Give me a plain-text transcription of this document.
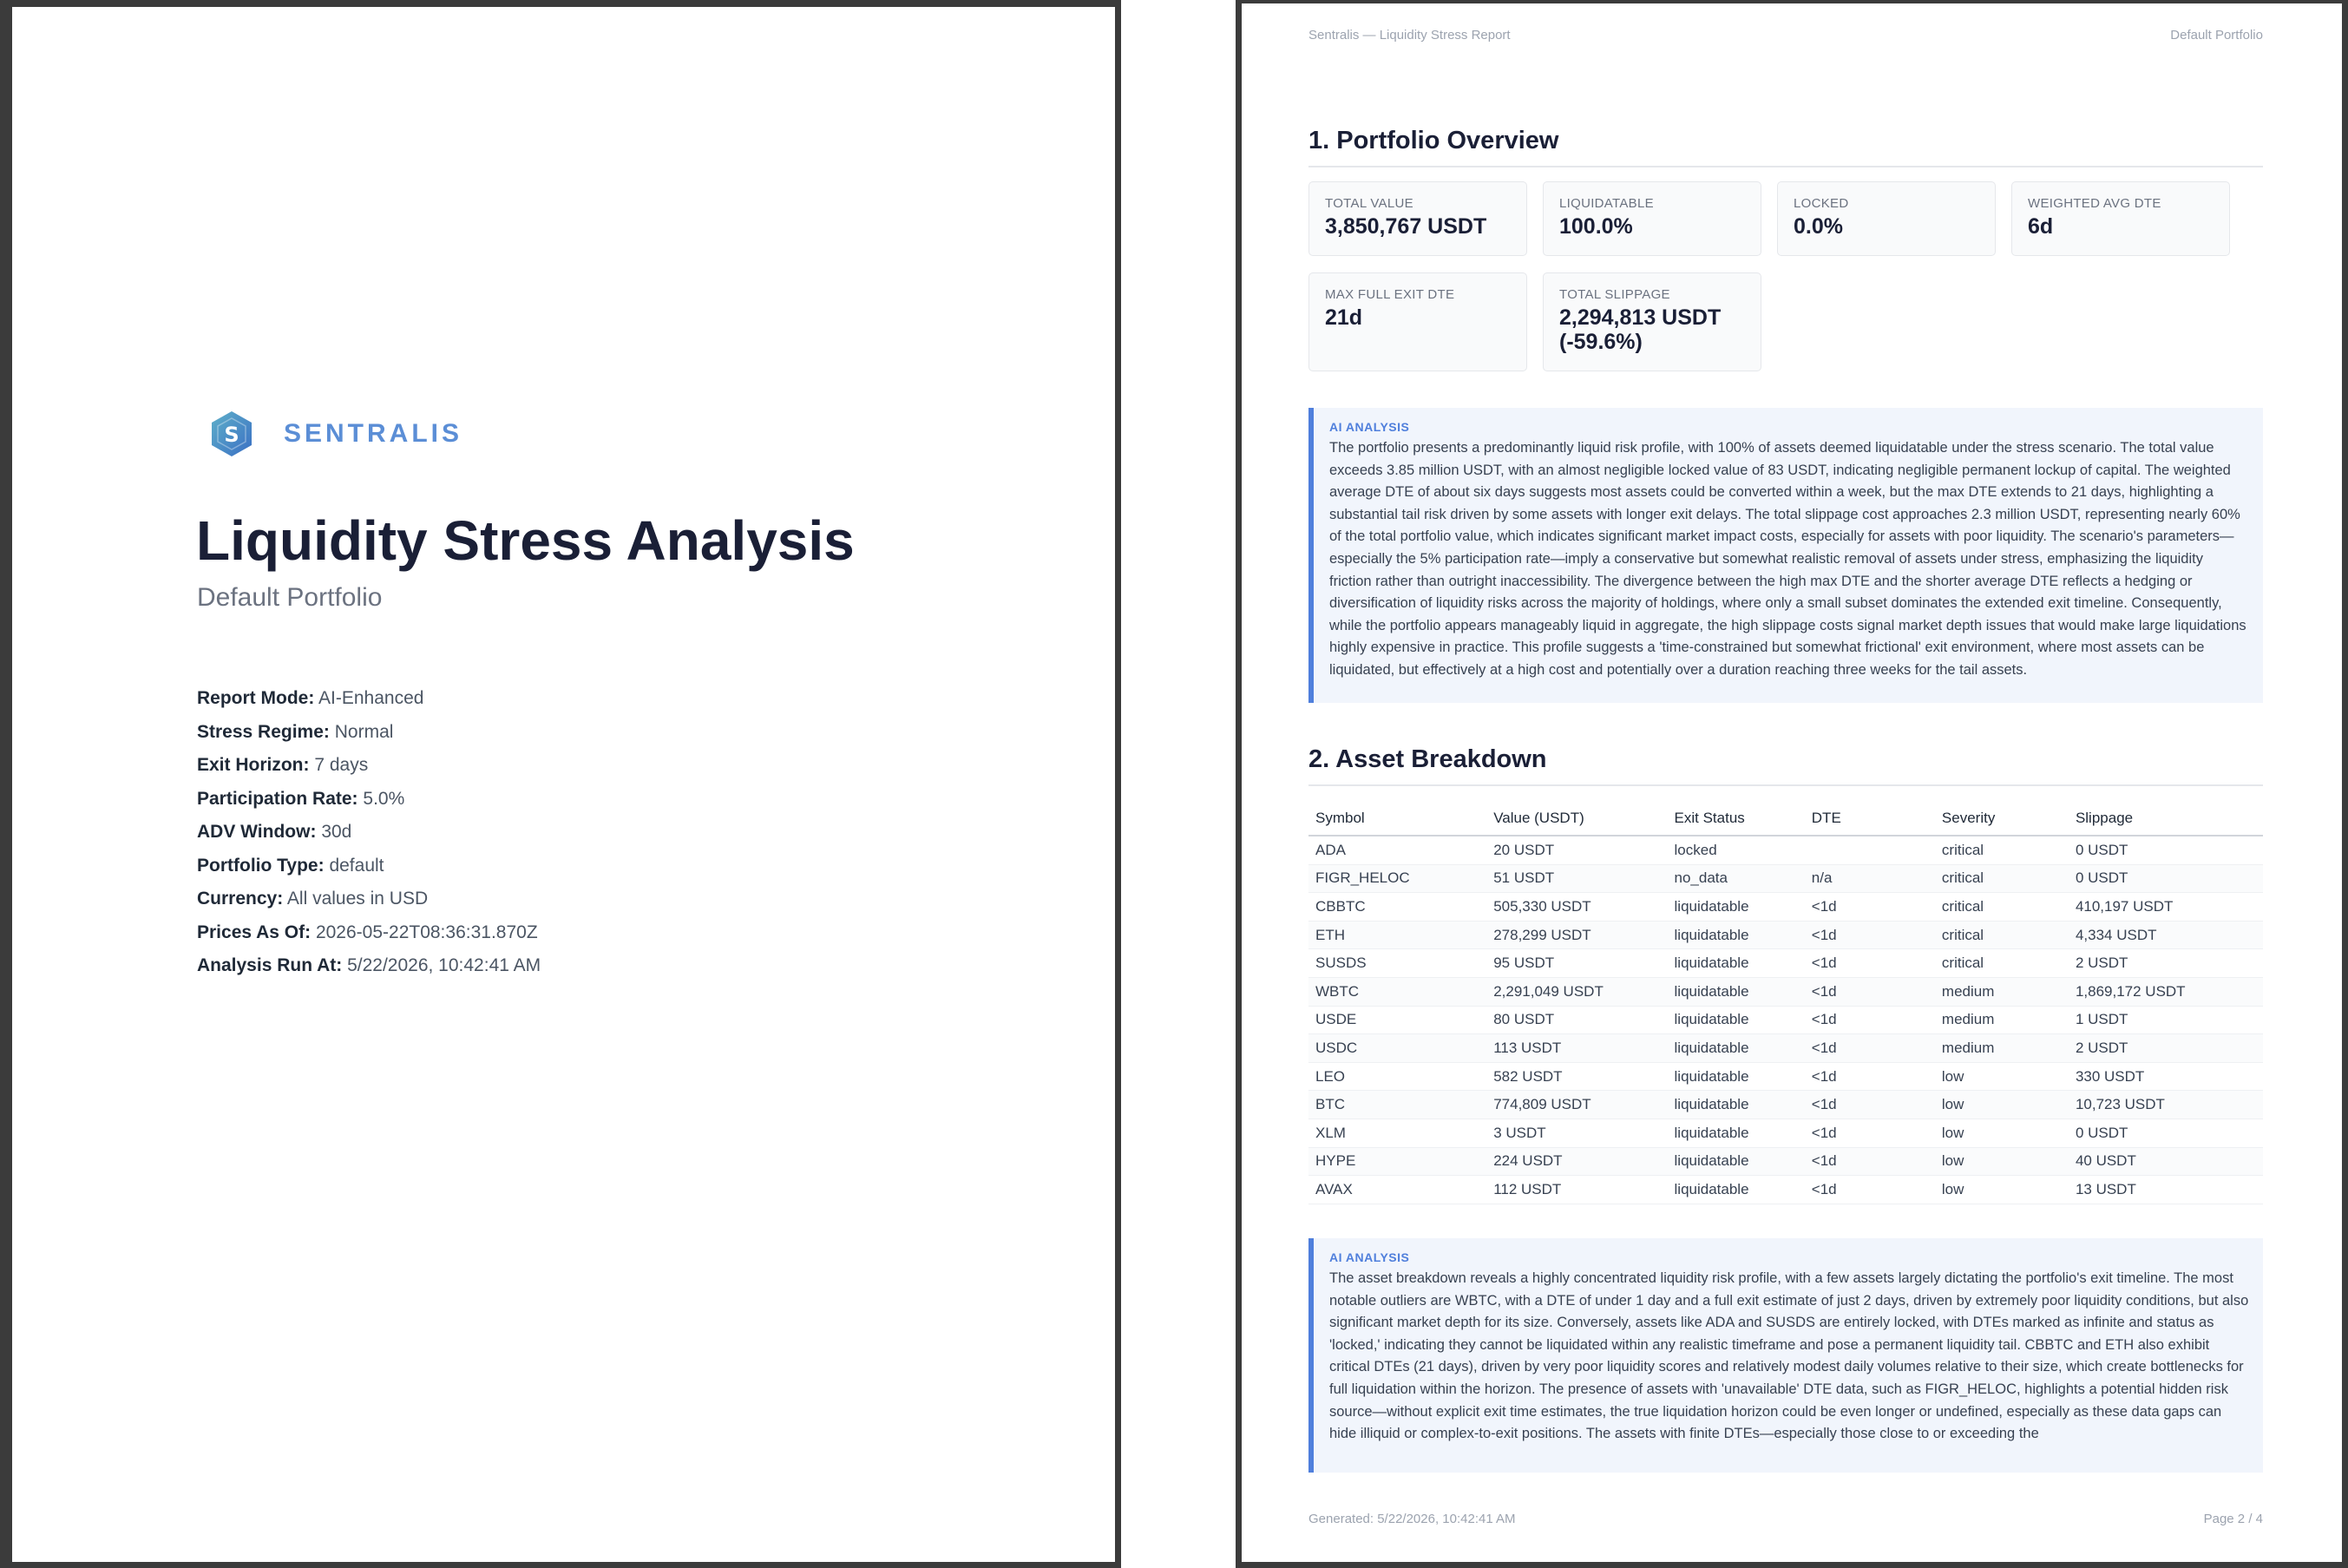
S SENTRALIS
Liquidity Stress Analysis
Default Portfolio
Report Mode: AI-Enhanced
Stress Regime: Normal
Exit Horizon: 7 days
Participation Rate: 5.0%
ADV Window: 30d
Portfolio Type: default
Currency: All values in USD
Prices As Of: 2026-05-22T08:36:31.870Z
Analysis Run At: 5/22/2026, 10:42:41 AM
Sentralis — Liquidity Stress Report	Default Portfolio
1. Portfolio Overview
TOTAL VALUE
3,850,767 USDT
LIQUIDATABLE
100.0%
LOCKED
0.0%
WEIGHTED AVG DTE
6d
MAX FULL EXIT DTE
21d
TOTAL SLIPPAGE
2,294,813 USDT (-59.6%)
AI ANALYSIS
The portfolio presents a predominantly liquid risk profile, with 100% of assets deemed liquidatable under the stress scenario. The total value exceeds 3.85 million USDT, with an almost negligible locked value of 83 USDT, indicating negligible permanent lockup of capital. The weighted average DTE of about six days suggests most assets could be converted within a week, but the max DTE extends to 21 days, highlighting a substantial tail risk driven by some assets with longer exit delays. The total slippage cost approaches 2.3 million USDT, representing nearly 60% of the total portfolio value, which indicates significant market impact costs, especially for assets with poor liquidity. The scenario's parameters—especially the 5% participation rate—imply a conservative but somewhat realistic removal of assets under stress, emphasizing the liquidity friction rather than outright inaccessibility. The divergence between the high max DTE and the shorter average DTE reflects a hedging or diversification of liquidity risks across the majority of holdings, where only a small subset dominates the extended exit timeline. Consequently, while the portfolio appears manageably liquid in aggregate, the high slippage costs signal market depth issues that would make large liquidations highly expensive in practice. This profile suggests a 'time-constrained but somewhat frictional' exit environment, where most assets can be liquidated, but effectively at a high cost and potentially over a duration reaching three weeks for the tail assets.
2. Asset Breakdown
Symbol	Value (USDT)	Exit Status	DTE	Severity	Slippage
ADA	20 USDT	locked		critical	0 USDT
FIGR_HELOC	51 USDT	no_data	n/a	critical	0 USDT
CBBTC	505,330 USDT	liquidatable	<1d	critical	410,197 USDT
ETH	278,299 USDT	liquidatable	<1d	critical	4,334 USDT
SUSDS	95 USDT	liquidatable	<1d	critical	2 USDT
WBTC	2,291,049 USDT	liquidatable	<1d	medium	1,869,172 USDT
USDE	80 USDT	liquidatable	<1d	medium	1 USDT
USDC	113 USDT	liquidatable	<1d	medium	2 USDT
LEO	582 USDT	liquidatable	<1d	low	330 USDT
BTC	774,809 USDT	liquidatable	<1d	low	10,723 USDT
XLM	3 USDT	liquidatable	<1d	low	0 USDT
HYPE	224 USDT	liquidatable	<1d	low	40 USDT
AVAX	112 USDT	liquidatable	<1d	low	13 USDT
AI ANALYSIS
The asset breakdown reveals a highly concentrated liquidity risk profile, with a few assets largely dictating the portfolio's exit timeline. The most notable outliers are WBTC, with a DTE of under 1 day and a full exit estimate of just 2 days, driven by extremely poor liquidity conditions, but also significant market depth for its size. Conversely, assets like ADA and SUSDS are entirely locked, with DTEs marked as infinite and status as 'locked,' indicating they cannot be liquidated within any realistic timeframe and pose a permanent liquidity tail. CBBTC and ETH also exhibit critical DTEs (21 days), driven by very poor liquidity scores and relatively modest daily volumes relative to their size, which create bottlenecks for full liquidation within the horizon. The presence of assets with 'unavailable' DTE data, such as FIGR_HELOC, highlights a potential hidden risk source—without explicit exit time estimates, the true liquidation horizon could be even longer or undefined, especially as these data gaps can hide illiquid or complex-to-exit positions. The assets with finite DTEs—especially those close to or exceeding the
Generated: 5/22/2026, 10:42:41 AM	Page 2 / 4
